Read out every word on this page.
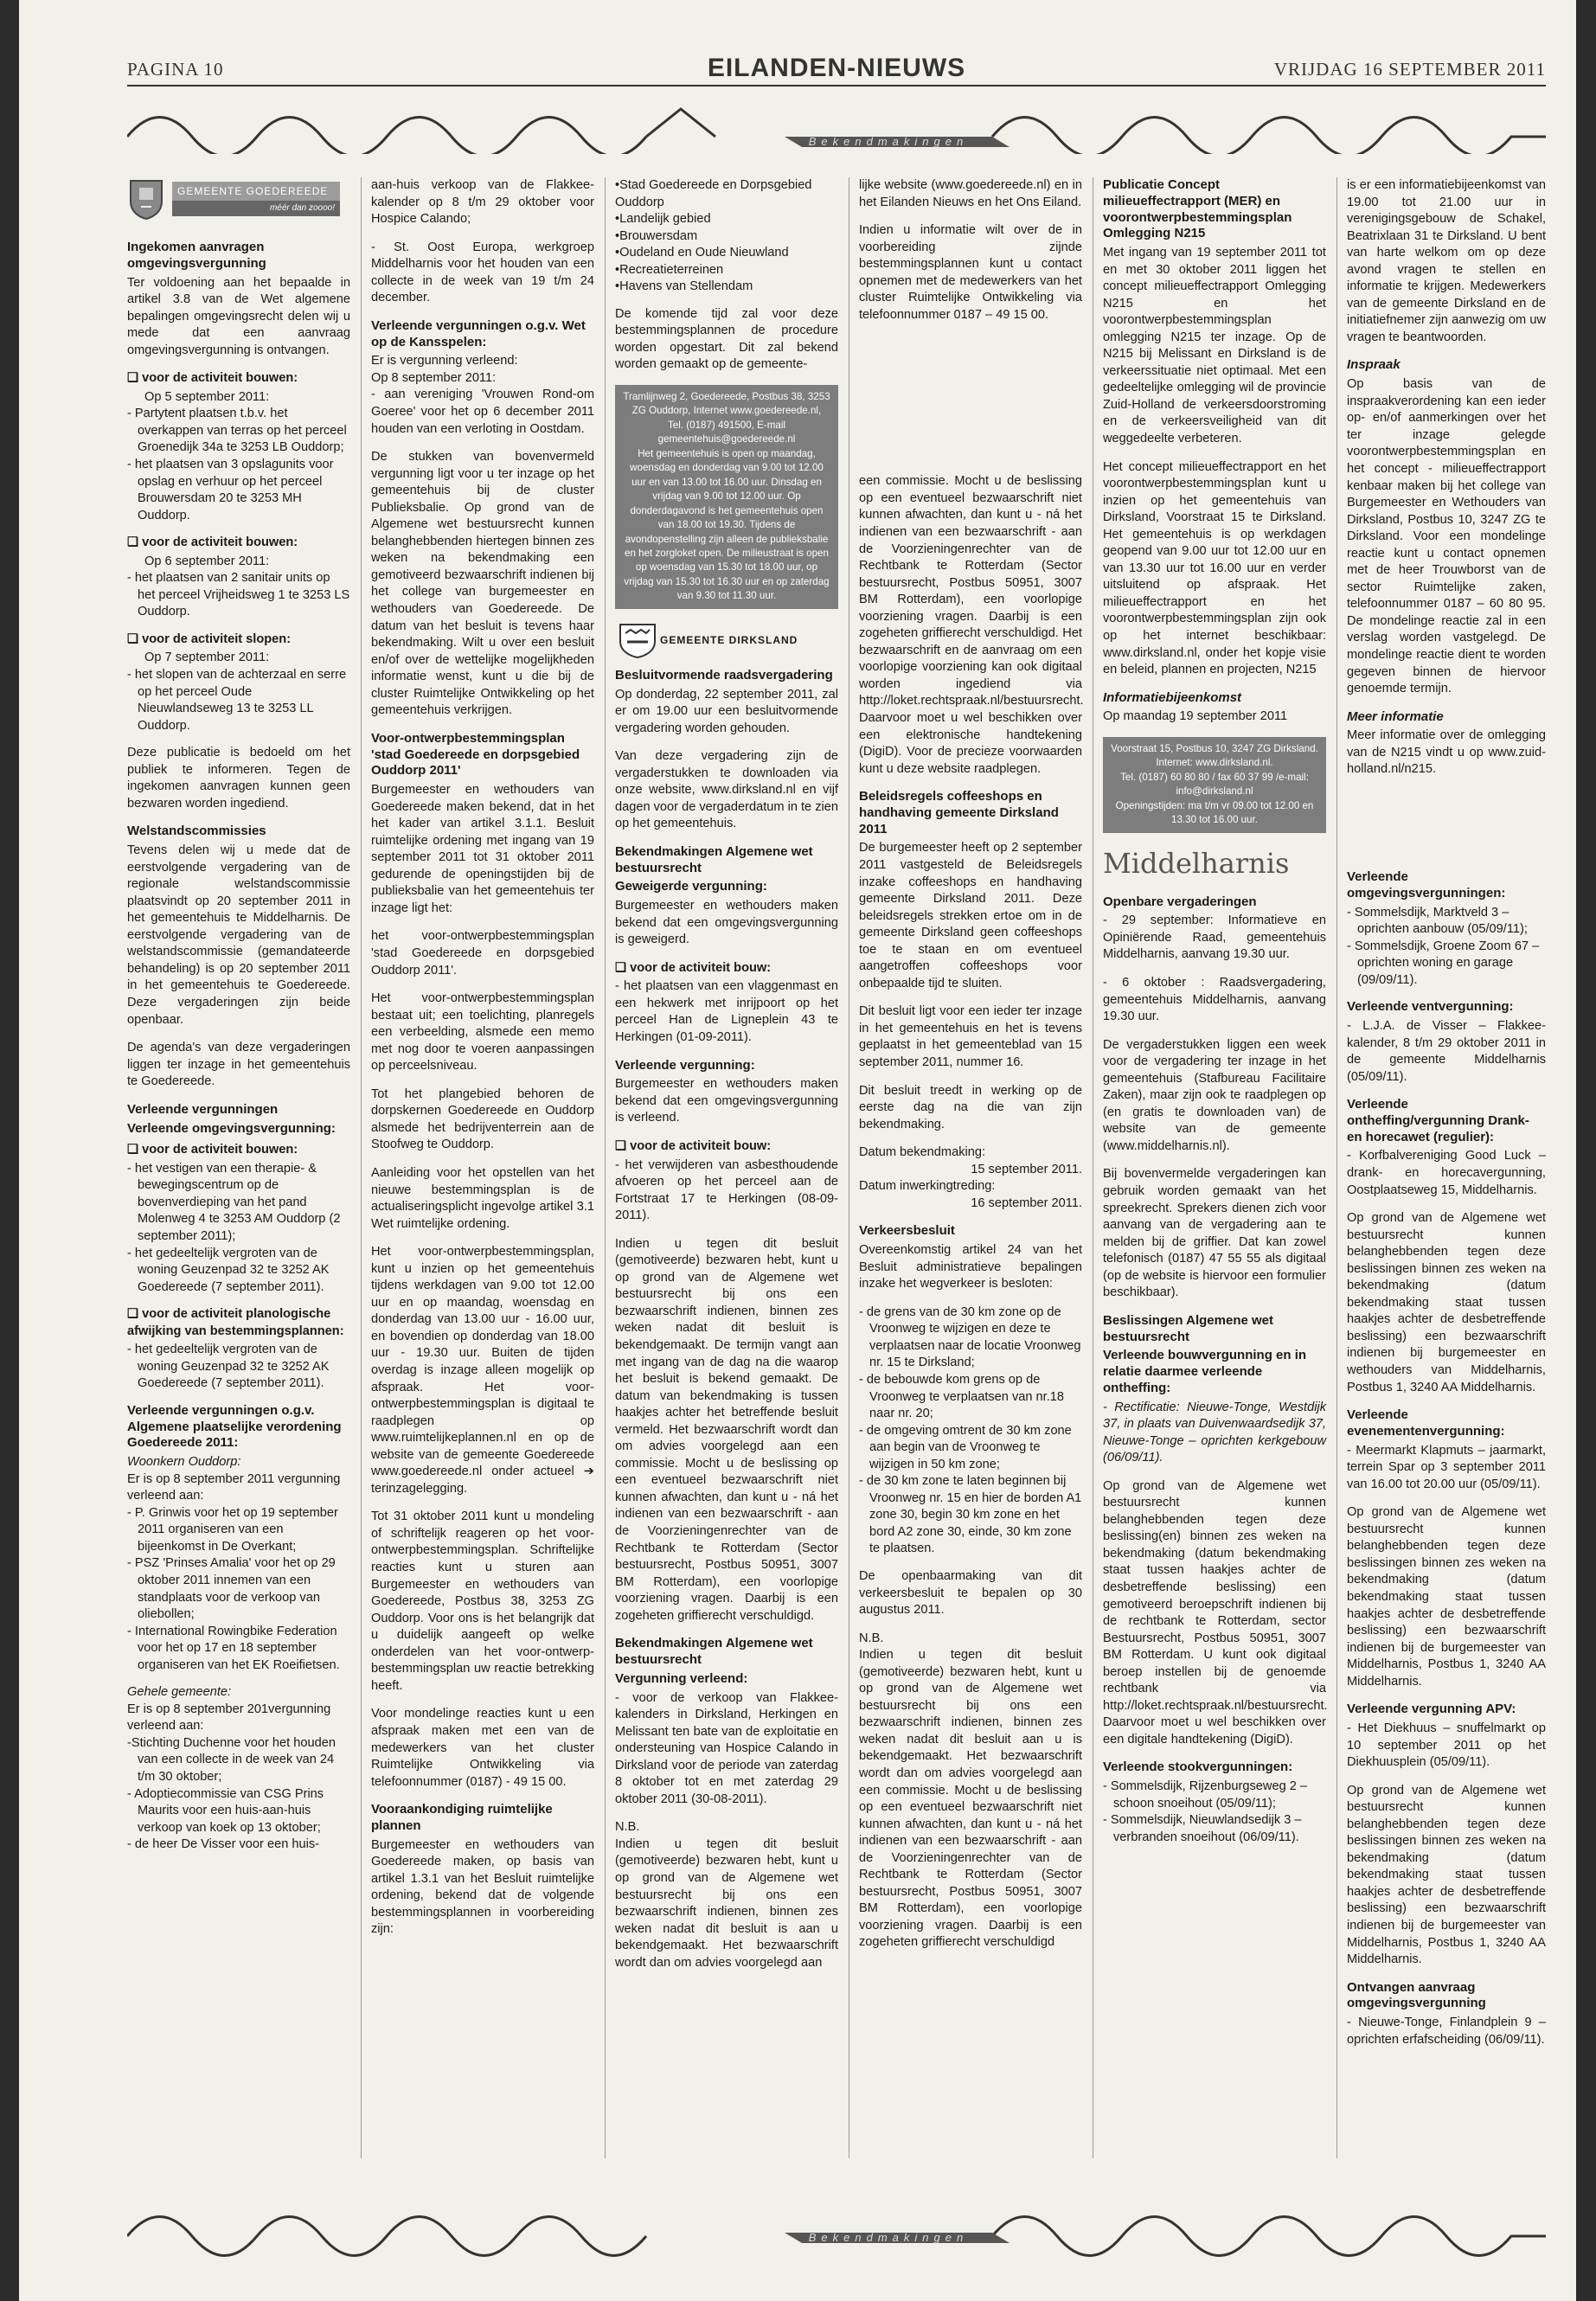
PAGINA 10	EILANDEN-NIEUWS	VRIJDAG 16 SEPTEMBER 2011
Bekendmakingen
GEMEENTE GOEDEREEDE
méér dan zoooo!
Ingekomen aanvragen omgevingsvergunning

Ter voldoening aan het bepaalde in artikel 3.8 van de Wet algemene bepalingen omgevingsrecht delen wij u mede dat een aanvraag omgevingsvergunning is ontvangen.

❑ voor de activiteit bouwen:
Op 5 september 2011:
- Partytent plaatsen t.b.v. het overkappen van terras op het perceel Groenedijk 34a te 3253 LB Ouddorp;
- het plaatsen van 3 opslagunits voor opslag en verhuur op het perceel Brouwersdam 20 te 3253 MH Ouddorp.
❑ voor de activiteit bouwen:
Op 6 september 2011:
- het plaatsen van 2 sanitair units op het perceel Vrijheidsweg 1 te 3253 LS Ouddorp.
❑ voor de activiteit slopen:
Op 7 september 2011:
- het slopen van de achterzaal en serre op het perceel Oude Nieuwlandseweg 13 te 3253 LL Ouddorp.

Deze publicatie is bedoeld om het publiek te informeren. Tegen de ingekomen aanvragen kunnen geen bezwaren worden ingediend.

Welstandscommissies

Tevens delen wij u mede dat de eerstvolgende vergadering van de regionale welstandscommissie plaatsvindt op 20 september 2011 in het gemeentehuis te Middelharnis. De eerstvolgende vergadering van de welstandscommissie (gemandateerde behandeling) is op 20 september 2011 in het gemeentehuis te Goedereede. Deze vergaderingen zijn beide openbaar.

De agenda's van deze vergaderingen liggen ter inzage in het gemeentehuis te Goedereede.

Verleende vergunningen
Verleende omgevingsvergunning:
❑ voor de activiteit bouwen:
- het vestigen van een therapie- & bewegingscentrum op de bovenverdieping van het pand Molenweg 4 te 3253 AM Ouddorp (2 september 2011);
- het gedeeltelijk vergroten van de woning Geuzenpad 32 te 3252 AK Goedereede (7 september 2011).
❑ voor de activiteit planologische afwijking van bestemmingsplannen:
- het gedeeltelijk vergroten van de woning Geuzenpad 32 te 3252 AK Goedereede (7 september 2011).
Verleende vergunningen o.g.v. Algemene plaatselijke verordening Goedereede 2011:
Woonkern Ouddorp:
Er is op 8 september 2011 vergunning verleend aan:
- P. Grinwis voor het op 19 september 2011 organiseren van een bijeenkomst in De Overkant;
- PSZ 'Prinses Amalia' voor het op 29 oktober 2011 innemen van een standplaats voor de verkoop van oliebollen;
- International Rowingbike Federation voor het op 17 en 18 september organiseren van het EK Roeifietsen.
Gehele gemeente:
Er is op 8 september 201vergunning verleend aan:
-Stichting Duchenne voor het houden van een collecte in de week van 24 t/m 30 oktober;
- Adoptiecommissie van CSG Prins Maurits voor een huis-aan-huis verkoop van koek op 13 oktober;
- de heer De Visser voor een huis-

aan-huis verkoop van de Flakkee-kalender op 8 t/m 29 oktober voor Hospice Calando;

- St. Oost Europa, werkgroep Middelharnis voor het houden van een collecte in de week van 19 t/m 24 december.

Verleende vergunningen o.g.v. Wet op de Kansspelen:
Er is vergunning verleend:
Op 8 september 2011:

- aan vereniging 'Vrouwen Rond-om Goeree' voor het op 6 december 2011 houden van een verloting in Oostdam.

De stukken van bovenvermeld vergunning ligt voor u ter inzage op het gemeentehuis bij de cluster Publieksbalie. Op grond van de Algemene wet bestuursrecht kunnen belanghebbenden hiertegen binnen zes weken na bekendmaking een gemotiveerd bezwaarschrift indienen bij het college van burgemeester en wethouders van Goedereede. De datum van het besluit is tevens haar bekendmaking. Wilt u over een besluit en/of over de wettelijke mogelijkheden informatie wenst, kunt u die bij de cluster Ruimtelijke Ontwikkeling op het gemeentehuis verkrijgen.

Voor-ontwerpbestemmingsplan 'stad Goedereede en dorpsgebied Ouddorp 2011'

Burgemeester en wethouders van Goedereede maken bekend, dat in het het kader van artikel 3.1.1. Besluit ruimtelijke ordening met ingang van 19 september 2011 tot 31 oktober 2011 gedurende de openingstijden bij de publieksbalie van het gemeentehuis ter inzage ligt het:

het voor-ontwerpbestemmingsplan 'stad Goedereede en dorpsgebied Ouddorp 2011'.

Het voor-ontwerpbestemmingsplan bestaat uit; een toelichting, planregels een verbeelding, alsmede een memo met nog door te voeren aanpassingen op perceelsniveau.

Tot het plangebied behoren de dorpskernen Goedereede en Ouddorp alsmede het bedrijventerrein aan de Stoofweg te Ouddorp.

Aanleiding voor het opstellen van het nieuwe bestemmingsplan is de actualiseringsplicht ingevolge artikel 3.1 Wet ruimtelijke ordening.

Het voor-ontwerpbestemmingsplan, kunt u inzien op het gemeentehuis tijdens werkdagen van 9.00 tot 12.00 uur en op maandag, woensdag en donderdag van 13.00 uur - 16.00 uur, en bovendien op donderdag van 18.00 uur - 19.30 uur. Buiten de tijden overdag is inzage alleen mogelijk op afspraak. Het voor-ontwerpbestemmingsplan is digitaal te raadplegen op www.ruimtelijkeplannen.nl en op de website van de gemeente Goedereede www.goedereede.nl onder actueel ➔ terinzagelegging.

Tot 31 oktober 2011 kunt u mondeling of schriftelijk reageren op het voor-ontwerpbestemmingsplan. Schriftelijke reacties kunt u sturen aan Burgemeester en wethouders van Goedereede, Postbus 38, 3253 ZG Ouddorp. Voor ons is het belangrijk dat u duidelijk aangeeft op welke onderdelen van het voor-ontwerp-bestemmingsplan uw reactie betrekking heeft.

Voor mondelinge reacties kunt u een afspraak maken met een van de medewerkers van het cluster Ruimtelijke Ontwikkeling via telefoonnummer (0187) - 49 15 00.

Vooraankondiging ruimtelijke plannen

Burgemeester en wethouders van Goedereede maken, op basis van artikel 1.3.1 van het Besluit ruimtelijke ordening, bekend dat de volgende bestemmingsplannen in voorbereiding zijn:

• Stad Goedereede en Dorpsgebied Ouddorp
• Landelijk gebied
• Brouwersdam
• Oudeland en Oude Nieuwland
• Recreatieterreinen
• Havens van Stellendam

De komende tijd zal voor deze bestemmingsplannen de procedure worden opgestart. Dit zal bekend worden gemaakt op de gemeente-

Tramlijnweg 2, Goedereede, Postbus 38, 3253 ZG Ouddorp, Internet www.goedereede.nl,
Tel. (0187) 491500, E-mail gemeentehuis@goedereede.nl
Het gemeentehuis is open op maandag, woensdag en donderdag van 9.00 tot 12.00 uur en van 13.00 tot 16.00 uur. Dinsdag en vrijdag van 9.00 tot 12.00 uur. Op donderdagavond is het gemeentehuis open van 18.00 tot 19.30. Tijdens de avondopenstelling zijn alleen de publieksbalie en het zorgloket open. De milieustraat is open op woensdag van 15.30 tot 18.00 uur, op vrijdag van 15.30 tot 16.30 uur en op zaterdag van 9.30 tot 11.30 uur.
GEMEENTE DIRKSLAND
Besluitvormende raadsvergadering

Op donderdag, 22 september 2011, zal er om 19.00 uur een besluitvormende vergadering worden gehouden.

Van deze vergadering zijn de vergaderstukken te downloaden via onze website, www.dirksland.nl en vijf dagen voor de vergaderdatum in te zien op het gemeentehuis.

Bekendmakingen Algemene wet bestuursrecht
Geweigerde vergunning:

Burgemeester en wethouders maken bekend dat een omgevingsvergunning is geweigerd.

❑ voor de activiteit bouw:

- het plaatsen van een vlaggenmast en een hekwerk met inrijpoort op het perceel Han de Ligneplein 43 te Herkingen (01-09-2011).

Verleende vergunning:

Burgemeester en wethouders maken bekend dat een omgevingsvergunning is verleend.

❑ voor de activiteit bouw:

- het verwijderen van asbesthoudende afvoeren op het perceel aan de Fortstraat 17 te Herkingen (08-09-2011).

Indien u tegen dit besluit (gemotiveerde) bezwaren hebt, kunt u op grond van de Algemene wet bestuursrecht bij ons een bezwaarschrift indienen, binnen zes weken nadat dit besluit is bekendgemaakt. De termijn vangt aan met ingang van de dag na die waarop het besluit is bekend gemaakt. De datum van bekendmaking is tussen haakjes achter het betreffende besluit vermeld. Het bezwaarschrift wordt dan om advies voorgelegd aan een commissie. Mocht u de beslissing op een eventueel bezwaarschrift niet kunnen afwachten, dan kunt u - ná het indienen van een bezwaarschrift - aan de Voorzieningenrechter van de Rechtbank te Rotterdam (Sector bestuursrecht, Postbus 50951, 3007 BM Rotterdam), een voorlopige voorziening vragen. Daarbij is een zogeheten griffierecht verschuldigd.

Bekendmakingen Algemene wet bestuursrecht
Vergunning verleend:

- voor de verkoop van Flakkee-kalenders in Dirksland, Herkingen en Melissant ten bate van de exploitatie en ondersteuning van Hospice Calando in Dirksland voor de periode van zaterdag 8 oktober tot en met zaterdag 29 oktober 2011 (30-08-2011).

N.B.

Indien u tegen dit besluit (gemotiveerde) bezwaren hebt, kunt u op grond van de Algemene wet bestuursrecht bij ons een bezwaarschrift indienen, binnen zes weken nadat dit besluit is aan u bekendgemaakt. Het bezwaarschrift wordt dan om advies voorgelegd aan

lijke website (www.goedereede.nl) en in het Eilanden Nieuws en het Ons Eiland.

Indien u informatie wilt over de in voorbereiding zijnde bestemmingsplannen kunt u contact opnemen met de medewerkers van het cluster Ruimtelijke Ontwikkeling via telefoonnummer 0187 – 49 15 00.

een commissie. Mocht u de beslissing op een eventueel bezwaarschrift niet kunnen afwachten, dan kunt u - ná het indienen van een bezwaarschrift - aan de Voorzieningenrechter van de Rechtbank te Rotterdam (Sector bestuursrecht, Postbus 50951, 3007 BM Rotterdam), een voorlopige voorziening vragen. Daarbij is een zogeheten griffierecht verschuldigd. Het bezwaarschrift en de aanvraag om een voorlopige voorziening kan ook digitaal worden ingediend via http://loket.rechtspraak.nl/bestuursrecht. Daarvoor moet u wel beschikken over een elektronische handtekening (DigiD). Voor de precieze voorwaarden kunt u deze website raadplegen.

Beleidsregels coffeeshops en handhaving gemeente Dirksland 2011

De burgemeester heeft op 2 september 2011 vastgesteld de Beleidsregels inzake coffeeshops en handhaving gemeente Dirksland 2011. Deze beleidsregels strekken ertoe om in de gemeente Dirksland geen coffeeshops toe te staan en om eventueel aangetroffen coffeeshops voor onbepaalde tijd te sluiten.

Dit besluit ligt voor een ieder ter inzage in het gemeentehuis en het is tevens geplaatst in het gemeenteblad van 15 september 2011, nummer 16.

Dit besluit treedt in werking op de eerste dag na die van zijn bekendmaking.

Datum bekendmaking:
15 september 2011.
Datum inwerkingtreding:
16 september 2011.
Verkeersbesluit

Overeenkomstig artikel 24 van het Besluit administratieve bepalingen inzake het wegverkeer is besloten:

- de grens van de 30 km zone op de Vroonweg te wijzigen en deze te verplaatsen naar de locatie Vroonweg nr. 15 te Dirksland;
- de bebouwde kom grens op de Vroonweg te verplaatsen van nr.18 naar nr. 20;
- de omgeving omtrent de 30 km zone aan begin van de Vroonweg te wijzigen in 50 km zone;
- de 30 km zone te laten beginnen bij Vroonweg nr. 15 en hier de borden A1 zone 30, begin 30 km zone en het bord A2 zone 30, einde, 30 km zone te plaatsen.

De openbaarmaking van dit verkeersbesluit te bepalen op 30 augustus 2011.

N.B.

Indien u tegen dit besluit (gemotiveerde) bezwaren hebt, kunt u op grond van de Algemene wet bestuursrecht bij ons een bezwaarschrift indienen, binnen zes weken nadat dit besluit aan u is bekendgemaakt. Het bezwaarschrift wordt dan om advies voorgelegd aan een commissie. Mocht u de beslissing op een eventueel bezwaarschrift niet kunnen afwachten, dan kunt u - ná het indienen van een bezwaarschrift - aan de Voorzieningenrechter van de Rechtbank te Rotterdam (Sector bestuursrecht, Postbus 50951, 3007 BM Rotterdam), een voorlopige voorziening vragen. Daarbij is een zogeheten griffierecht verschuldigd

Publicatie Concept milieueffectrapport (MER) en voorontwerpbestemmingsplan Omlegging N215

Met ingang van 19 september 2011 tot en met 30 oktober 2011 liggen het concept milieueffectrapport Omlegging N215 en het voorontwerpbestemmingsplan omlegging N215 ter inzage. Op de N215 bij Melissant en Dirksland is de verkeerssituatie niet optimaal. Met een gedeeltelijke omlegging wil de provincie Zuid-Holland de verkeersdoorstroming en de verkeersveiligheid van dit weggedeelte verbeteren.

Het concept milieueffectrapport en het voorontwerpbestemmingsplan kunt u inzien op het gemeentehuis van Dirksland, Voorstraat 15 te Dirksland. Het gemeentehuis is op werkdagen geopend van 9.00 uur tot 12.00 uur en van 13.30 uur tot 16.00 uur en verder uitsluitend op afspraak. Het milieueffectrapport en het voorontwerpbestemmingsplan zijn ook op het internet beschikbaar: www.dirksland.nl, onder het kopje visie en beleid, plannen en projecten, N215

Informatiebijeenkomst

Op maandag 19 september 2011

Voorstraat 15, Postbus 10, 3247 ZG Dirksland. Internet: www.dirksland.nl.
Tel. (0187) 60 80 80 / fax 60 37 99 /e-mail: info@dirksland.nl
Openingstijden: ma t/m vr 09.00 tot 12.00 en 13.30 tot 16.00 uur.
Middelharnis
Openbare vergaderingen

- 29 september: Informatieve en Opiniërende Raad, gemeentehuis Middelharnis, aanvang 19.30 uur.

- 6 oktober : Raadsvergadering, gemeentehuis Middelharnis, aanvang 19.30 uur.

De vergaderstukken liggen een week voor de vergadering ter inzage in het gemeentehuis (Stafbureau Facilitaire Zaken), maar zijn ook te raadplegen op (en gratis te downloaden van) de website van de gemeente (www.middelharnis.nl).

Bij bovenvermelde vergaderingen kan gebruik worden gemaakt van het spreekrecht. Sprekers dienen zich voor aanvang van de vergadering aan te melden bij de griffier. Dat kan zowel telefonisch (0187) 47 55 55 als digitaal (op de website is hiervoor een formulier beschikbaar).

Beslissingen Algemene wet bestuursrecht
Verleende bouwvergunning en in relatie daarmee verleende ontheffing:

- Rectificatie: Nieuwe-Tonge, Westdijk 37, in plaats van Duivenwaardsedijk 37, Nieuwe-Tonge – oprichten kerkgebouw (06/09/11).

Op grond van de Algemene wet bestuursrecht kunnen belanghebbenden tegen deze beslissing(en) binnen zes weken na bekendmaking (datum bekendmaking staat tussen haakjes achter de desbetreffende beslissing) een gemotiveerd beroepschrift indienen bij de rechtbank te Rotterdam, sector Bestuursrecht, Postbus 50951, 3007 BM Rotterdam. U kunt ook digitaal beroep instellen bij de genoemde rechtbank via http://loket.rechtspraak.nl/bestuursrecht. Daarvoor moet u wel beschikken over een digitale handtekening (DigiD).

Verleende stookvergunningen:
- Sommelsdijk, Rijzenburgseweg 2 – schoon snoeihout (05/09/11);
- Sommelsdijk, Nieuwlandsedijk 3 – verbranden snoeihout (06/09/11).

is er een informatiebijeenkomst van 19.00 tot 21.00 uur in verenigingsgebouw de Schakel, Beatrixlaan 31 te Dirksland. U bent van harte welkom om op deze avond vragen te stellen en informatie te krijgen. Medewerkers van de gemeente Dirksland en de initiatiefnemer zijn aanwezig om uw vragen te beantwoorden.

Inspraak

Op basis van de inspraakverordening kan een ieder op- en/of aanmerkingen over het ter inzage gelegde voorontwerpbestemmingsplan en het concept - milieueffectrapport kenbaar maken bij het college van Burgemeester en Wethouders van Dirksland, Postbus 10, 3247 ZG te Dirksland. Voor een mondelinge reactie kunt u contact opnemen met de heer Trouwborst van de sector Ruimtelijke zaken, telefoonnummer 0187 – 60 80 95. De mondelinge reactie zal in een verslag worden vastgelegd. De mondelinge reactie dient te worden gegeven binnen de hiervoor genoemde termijn.

Meer informatie

Meer informatie over de omlegging van de N215 vindt u op www.zuid-holland.nl/n215.

Verleende omgevingsvergunningen:
- Sommelsdijk, Marktveld 3 – oprichten aanbouw (05/09/11);
- Sommelsdijk, Groene Zoom 67 – oprichten woning en garage (09/09/11).
Verleende ventvergunning:

- L.J.A. de Visser – Flakkee-kalender, 8 t/m 29 oktober 2011 in de gemeente Middelharnis (05/09/11).

Verleende ontheffing/vergunning Drank- en horecawet (regulier):

- Korfbalvereniging Good Luck – drank- en horecavergunning, Oostplaatseweg 15, Middelharnis.

Op grond van de Algemene wet bestuursrecht kunnen belanghebbenden tegen deze beslissingen binnen zes weken na bekendmaking (datum bekendmaking staat tussen haakjes achter de desbetreffende beslissing) een bezwaarschrift indienen bij burgemeester en wethouders van Middelharnis, Postbus 1, 3240 AA Middelharnis.

Verleende evenementenvergunning:

- Meermarkt Klapmuts – jaarmarkt, terrein Spar op 3 september 2011 van 16.00 tot 20.00 uur (05/09/11).

Op grond van de Algemene wet bestuursrecht kunnen belanghebbenden tegen deze beslissingen binnen zes weken na bekendmaking (datum bekendmaking staat tussen haakjes achter de desbetreffende beslissing) een bezwaarschrift indienen bij de burgemeester van Middelharnis, Postbus 1, 3240 AA Middelharnis.

Verleende vergunning APV:

- Het Diekhuus – snuffelmarkt op 10 september 2011 op het Diekhuusplein (05/09/11).

Op grond van de Algemene wet bestuursrecht kunnen belanghebbenden tegen deze beslissingen binnen zes weken na bekendmaking (datum bekendmaking staat tussen haakjes achter de desbetreffende beslissing) een bezwaarschrift indienen bij de burgemeester van Middelharnis, Postbus 1, 3240 AA Middelharnis.

Ontvangen aanvraag omgevingsvergunning

- Nieuwe-Tonge, Finlandplein 9 – oprichten erfafscheiding (06/09/11).

Bekendmakingen
